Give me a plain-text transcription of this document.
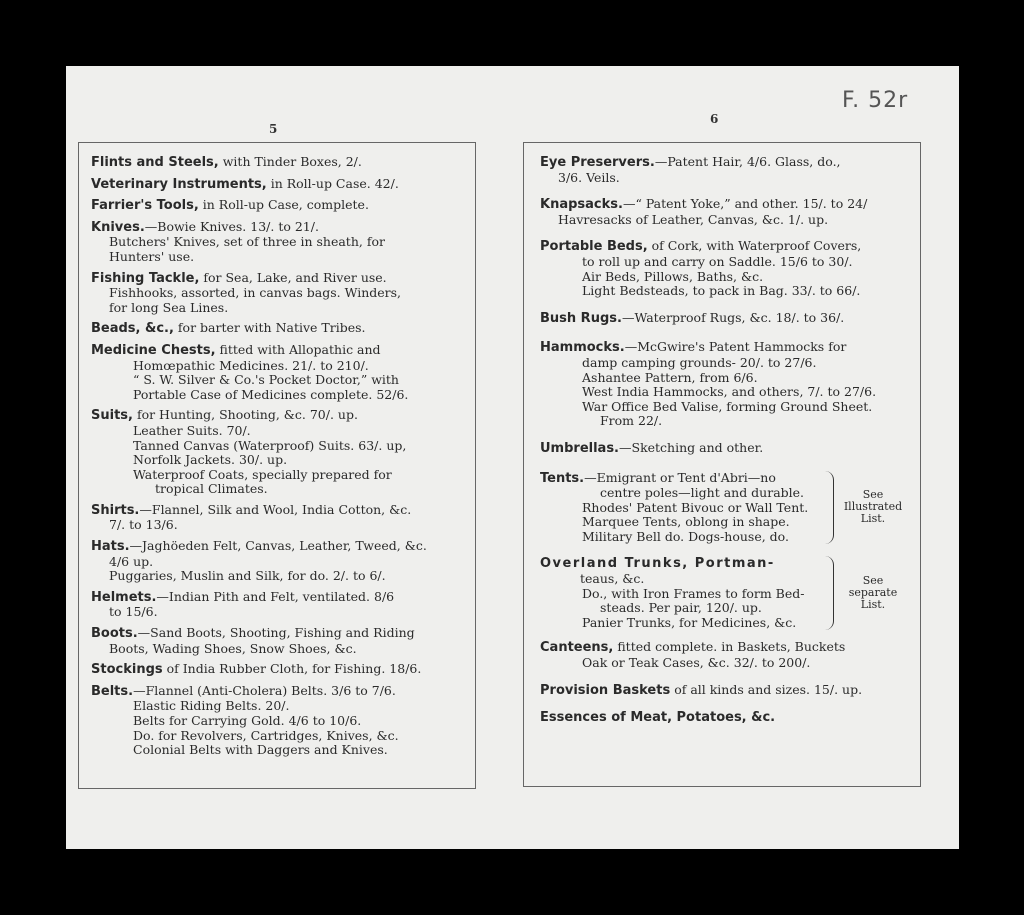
F. 52r
5
6
Flints and Steels, with Tinder Boxes, 2/.
Veterinary Instruments, in Roll-up Case. 42/.
Farrier's Tools, in Roll-up Case, complete.
Knives.—Bowie Knives. 13/. to 21/.
Butchers' Knives, set of three in sheath, for
Hunters' use.
Fishing Tackle, for Sea, Lake, and River use.
Fishhooks, assorted, in canvas bags. Winders,
for long Sea Lines.
Beads, &c., for barter with Native Tribes.
Medicine Chests, fitted with Allopathic and
Homœpathic Medicines. 21/. to 210/.
“ S. W. Silver & Co.'s Pocket Doctor,” with
Portable Case of Medicines complete. 52/6.
Suits, for Hunting, Shooting, &c. 70/. up.
Leather Suits. 70/.
Tanned Canvas (Waterproof) Suits. 63/. up,
Norfolk Jackets. 30/. up.
Waterproof Coats, specially prepared for
tropical Climates.
Shirts.—Flannel, Silk and Wool, India Cotton, &c.
7/. to 13/6.
Hats.—Jaghöeden Felt, Canvas, Leather, Tweed, &c.
4/6 up.
Puggaries, Muslin and Silk, for do. 2/. to 6/.
Helmets.—Indian Pith and Felt, ventilated. 8/6
to 15/6.
Boots.—Sand Boots, Shooting, Fishing and Riding
Boots, Wading Shoes, Snow Shoes, &c.
Stockings of India Rubber Cloth, for Fishing. 18/6.
Belts.—Flannel (Anti-Cholera) Belts. 3/6 to 7/6.
Elastic Riding Belts. 20/.
Belts for Carrying Gold. 4/6 to 10/6.
Do. for Revolvers, Cartridges, Knives, &c.
Colonial Belts with Daggers and Knives.
Eye Preservers.—Patent Hair, 4/6. Glass, do.,
3/6. Veils.
Knapsacks.—“ Patent Yoke,” and other. 15/. to 24/
Havresacks of Leather, Canvas, &c. 1/. up.
Portable Beds, of Cork, with Waterproof Covers,
to roll up and carry on Saddle. 15/6 to 30/.
Air Beds, Pillows, Baths, &c.
Light Bedsteads, to pack in Bag. 33/. to 66/.
Bush Rugs.—Waterproof Rugs, &c. 18/. to 36/.
Hammocks.—McGwire's Patent Hammocks for
damp camping grounds- 20/. to 27/6.
Ashantee Pattern, from 6/6.
West India Hammocks, and others, 7/. to 27/6.
War Office Bed Valise, forming Ground Sheet.
From 22/.
Umbrellas.—Sketching and other.
Tents.—Emigrant or Tent d'Abri—no
centre poles—light and durable.
Rhodes' Patent Bivouc or Wall Tent.
Marquee Tents, oblong in shape.
Military Bell do. Dogs-house, do.
See
Illustrated
List.
Overland Trunks, Portman-
teaus, &c.
Do., with Iron Frames to form Bed-
steads. Per pair, 120/. up.
Panier Trunks, for Medicines, &c.
See
separate
List.
Canteens, fitted complete. in Baskets, Buckets
Oak or Teak Cases, &c. 32/. to 200/.
Provision Baskets of all kinds and sizes. 15/. up.
Essences of Meat, Potatoes, &c.
